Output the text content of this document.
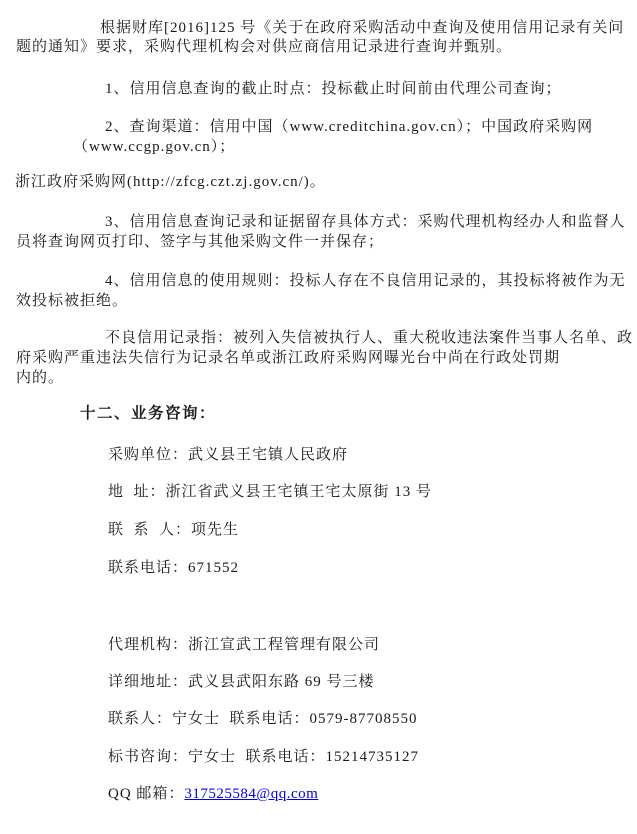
根据财库[2016]125 号《关于在政府采购活动中查询及使用信用记录有关问
题的通知》要求，采购代理机构会对供应商信用记录进行查询并甄别。
1、信用信息查询的截止时点：投标截止时间前由代理公司查询；
2、查询渠道：信用中国（www.creditchina.gov.cn）；中国政府采购网
（www.ccgp.gov.cn）；
浙江政府采购网(http://zfcg.czt.zj.gov.cn/)。
3、信用信息查询记录和证据留存具体方式：采购代理机构经办人和监督人
员将查询网页打印、签字与其他采购文件一并保存；
4、信用信息的使用规则：投标人存在不良信用记录的，其投标将被作为无
效投标被拒绝。
不良信用记录指：被列入失信被执行人、重大税收违法案件当事人名单、政
府采购严重违法失信行为记录名单或浙江政府采购网曝光台中尚在行政处罚期
内的。
十二、业务咨询：
采购单位：武义县王宅镇人民政府
地  址：浙江省武义县王宅镇王宅太原街 13 号
联  系  人：项先生
联系电话：671552
代理机构：浙江宣武工程管理有限公司
详细地址：武义县武阳东路 69 号三楼
联系人：宁女士  联系电话：0579-87708550
标书咨询：宁女士  联系电话：15214735127
QQ 邮箱：317525584@qq.com
